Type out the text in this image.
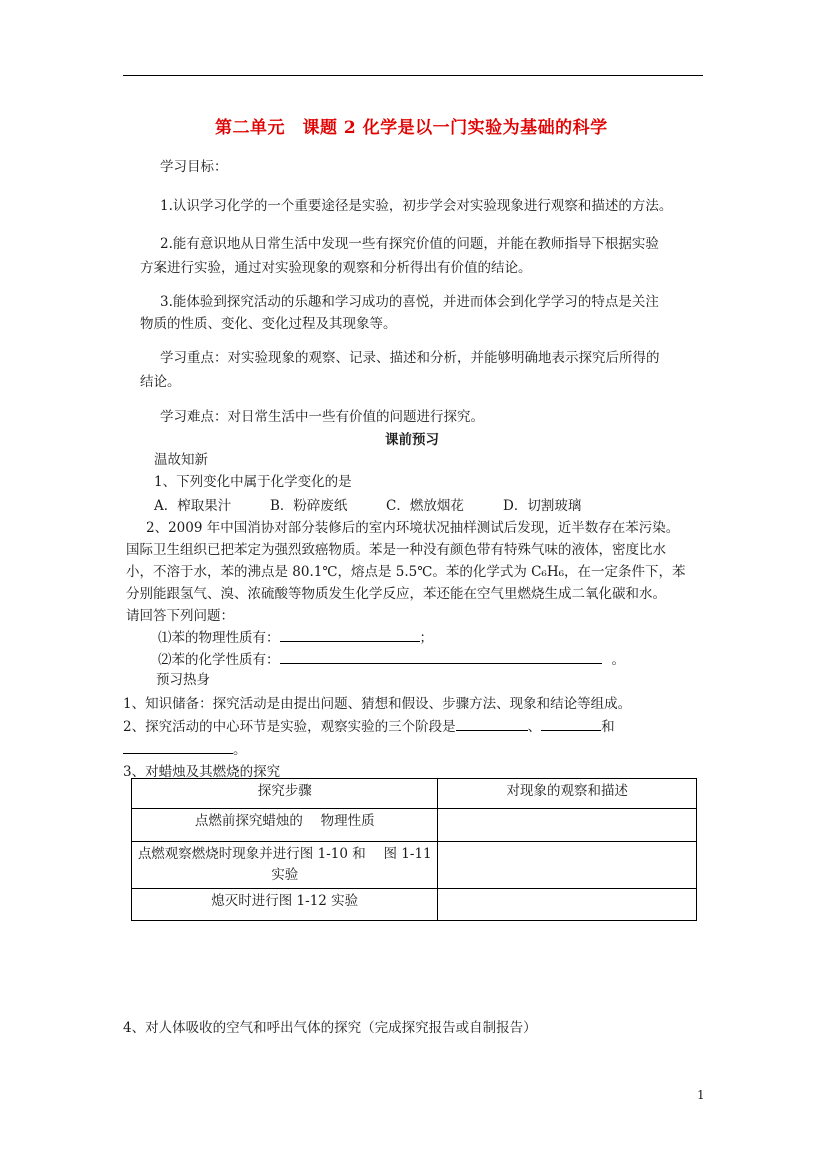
第二单元　课题 2 化学是以一门实验为基础的科学
学习目标：
1.认识学习化学的一个重要途径是实验，初步学会对实验现象进行观察和描述的方法。
2.能有意识地从日常生活中发现一些有探究价值的问题，并能在教师指导下根据实验
方案进行实验，通过对实验现象的观察和分析得出有价值的结论。
3.能体验到探究活动的乐趣和学习成功的喜悦，并进而体会到化学学习的特点是关注
物质的性质、变化、变化过程及其现象等。
学习重点：对实验现象的观察、记录、描述和分析，并能够明确地表示探究后所得的
结论。
学习难点：对日常生活中一些有价值的问题进行探究。
课前预习
温故知新
1、下列变化中属于化学变化的是
A．榨取果汁	B．粉碎废纸	C．燃放烟花	D．切割玻璃
2、2009 年中国消协对部分装修后的室内环境状况抽样测试后发现，近半数存在苯污染。
国际卫生组织已把苯定为强烈致癌物质。苯是一种没有颜色带有特殊气味的液体，密度比水
小，不溶于水，苯的沸点是 80.1℃，熔点是 5.5℃。苯的化学式为 C₆H₆，在一定条件下，苯
分别能跟氢气、溴、浓硫酸等物质发生化学反应，苯还能在空气里燃烧生成二氧化碳和水。
请回答下列问题：
⑴苯的物理性质有：	；
⑵苯的化学性质有：	。
预习热身
1、知识储备：探究活动是由提出问题、猜想和假设、步骤方法、现象和结论等组成。
2、探究活动的中心环节是实验，观察实验的三个阶段是	、	和
。
3、对蜡烛及其燃烧的探究
探究步骤	对现象的观察和描述
点燃前探究蜡烛的　 物理性质	
点燃观察燃烧时现象并进行图 1-10 和　 图 1-11 实验	
熄灭时进行图 1-12 实验	
4、对人体吸收的空气和呼出气体的探究（完成探究报告或自制报告）
1
